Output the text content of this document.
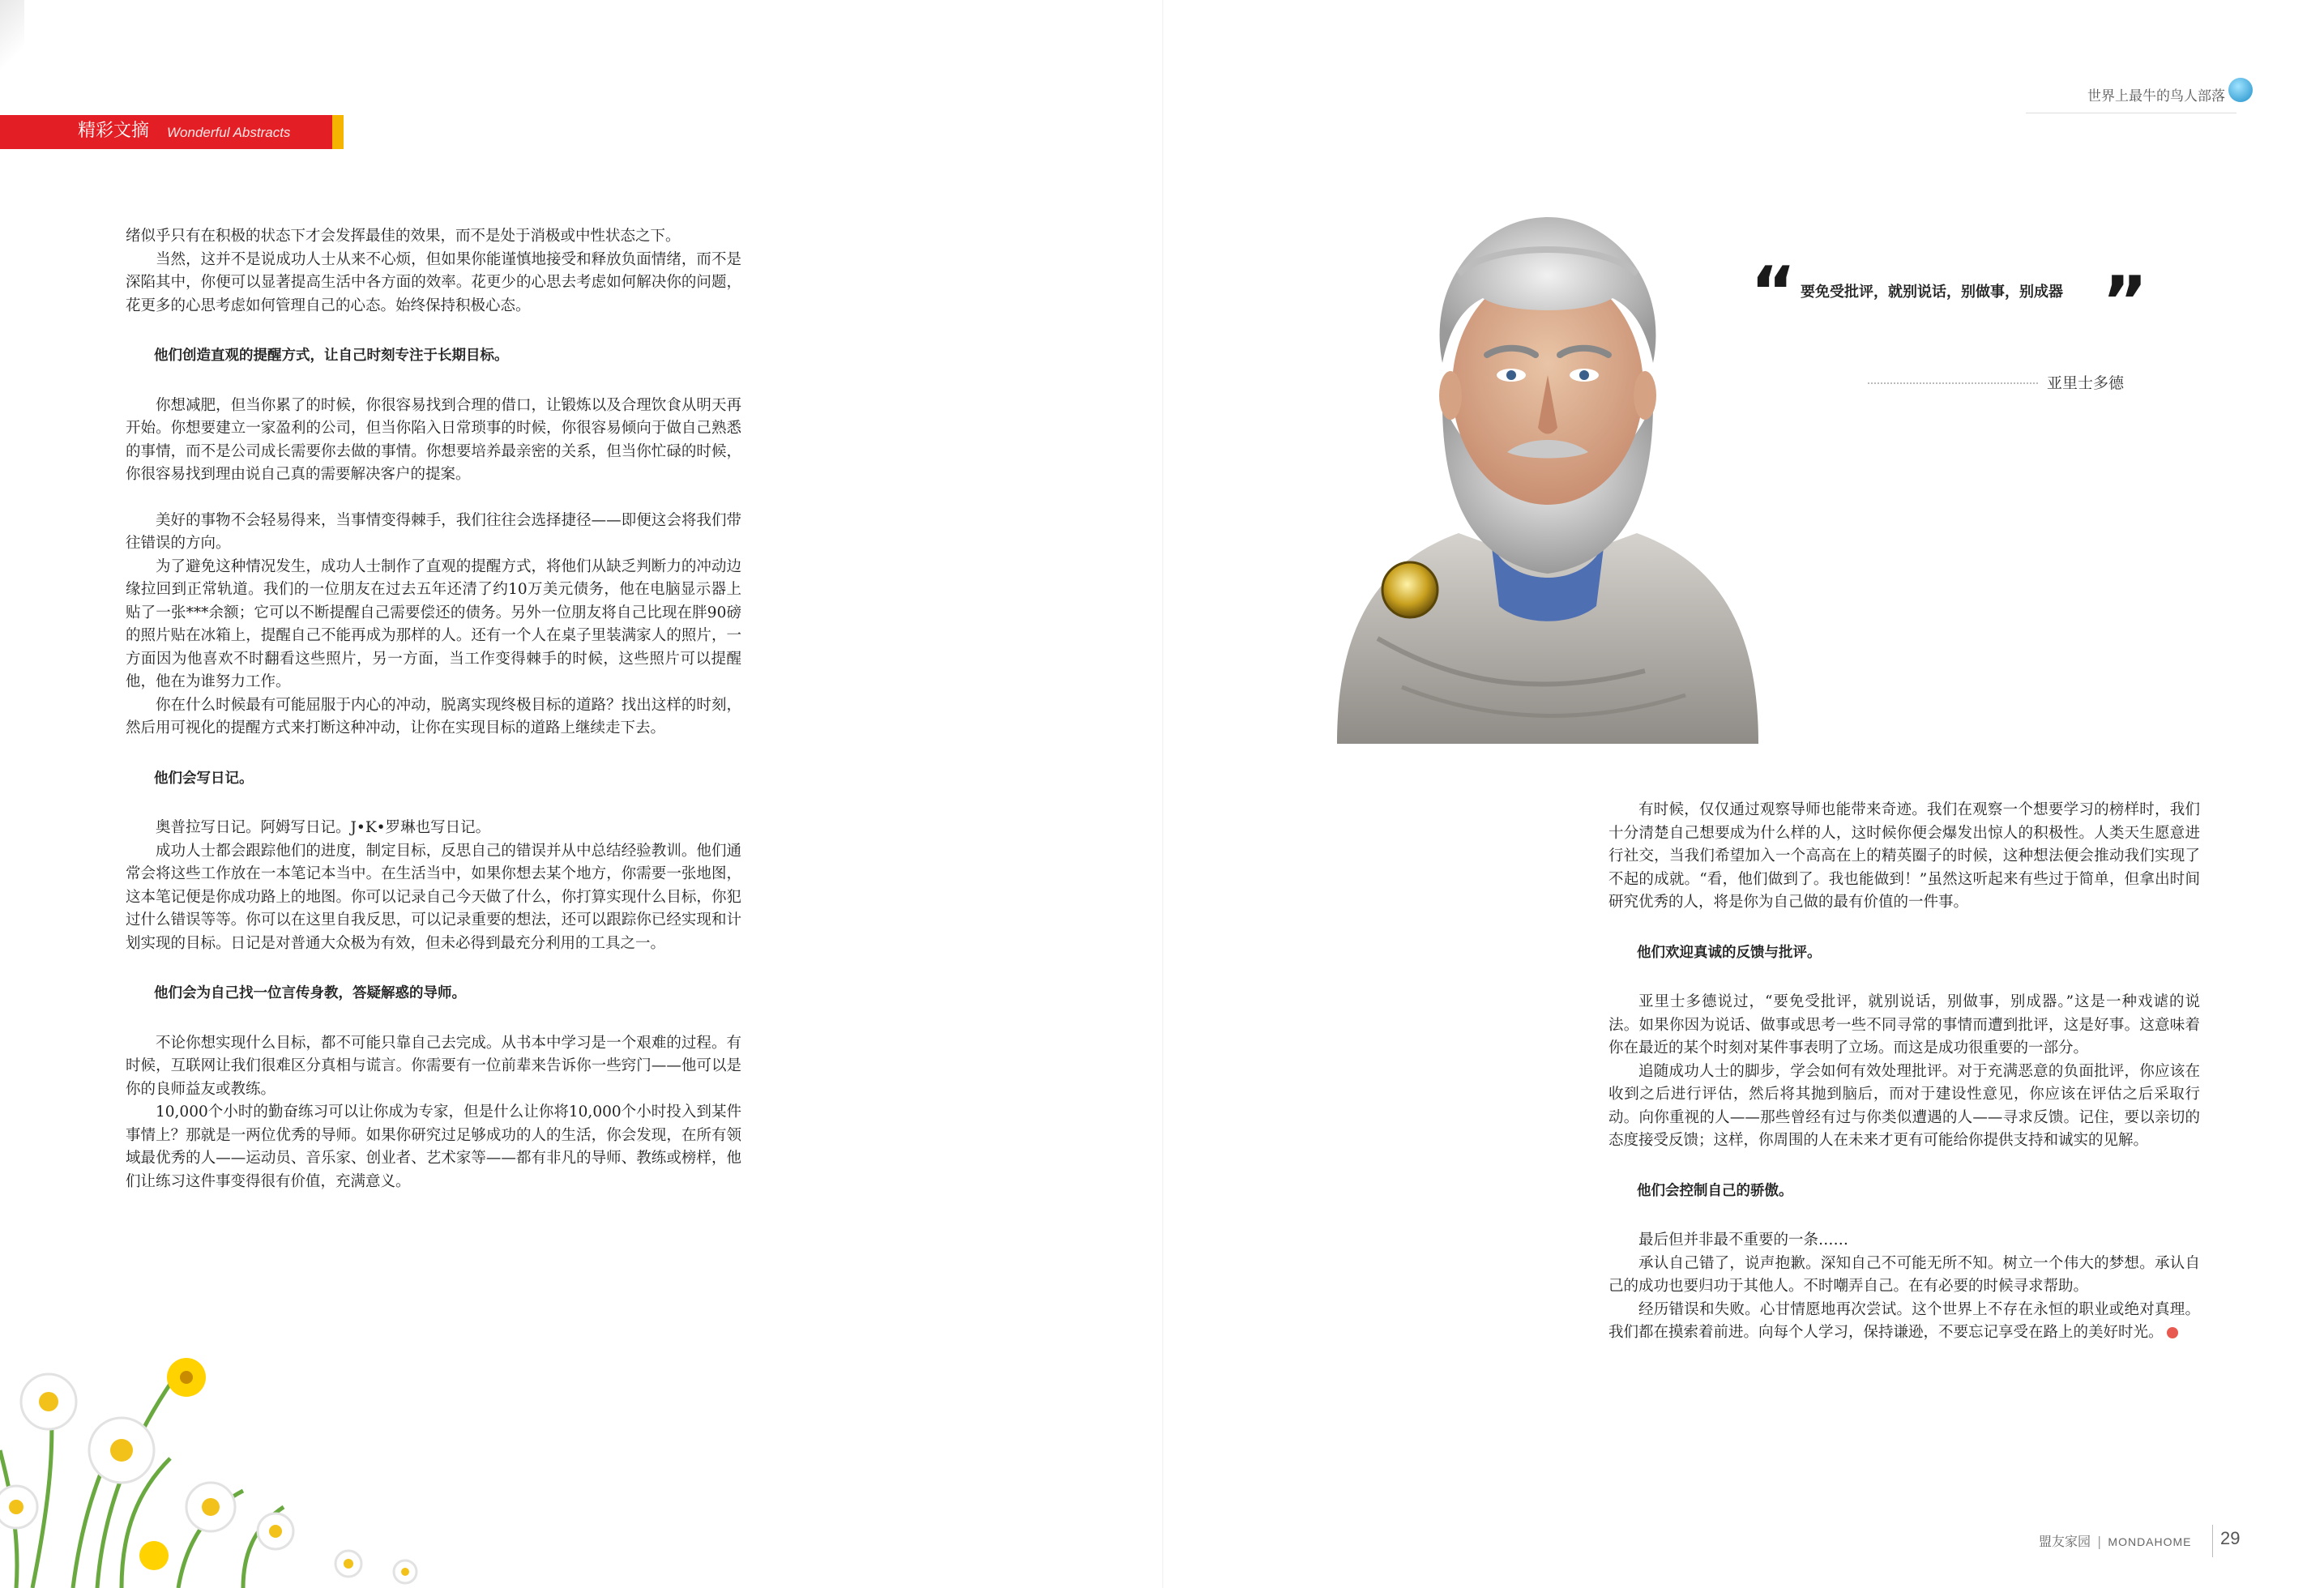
精彩文摘 Wonderful Abstracts
世界上最牛的鸟人部落

绪似乎只有在积极的状态下才会发挥最佳的效果，而不是处于消极或中性状态之下。

当然，这并不是说成功人士从来不心烦，但如果你能谨慎地接受和释放负面情绪，而不是深陷其中，你便可以显著提高生活中各方面的效率。花更少的心思去考虑如何解决你的问题，花更多的心思考虑如何管理自己的心态。始终保持积极心态。

他们创造直观的提醒方式，让自己时刻专注于长期目标。

你想减肥，但当你累了的时候，你很容易找到合理的借口，让锻炼以及合理饮食从明天再开始。你想要建立一家盈利的公司，但当你陷入日常琐事的时候，你很容易倾向于做自己熟悉的事情，而不是公司成长需要你去做的事情。你想要培养最亲密的关系，但当你忙碌的时候，你很容易找到理由说自己真的需要解决客户的提案。

美好的事物不会轻易得来，当事情变得棘手，我们往往会选择捷径——即便这会将我们带往错误的方向。

为了避免这种情况发生，成功人士制作了直观的提醒方式，将他们从缺乏判断力的冲动边缘拉回到正常轨道。我们的一位朋友在过去五年还清了约10万美元债务，他在电脑显示器上贴了一张***余额；它可以不断提醒自己需要偿还的债务。另外一位朋友将自己比现在胖90磅的照片贴在冰箱上，提醒自己不能再成为那样的人。还有一个人在桌子里装满家人的照片，一方面因为他喜欢不时翻看这些照片，另一方面，当工作变得棘手的时候，这些照片可以提醒他，他在为谁努力工作。

你在什么时候最有可能屈服于内心的冲动，脱离实现终极目标的道路？找出这样的时刻，然后用可视化的提醒方式来打断这种冲动，让你在实现目标的道路上继续走下去。

他们会写日记。

奥普拉写日记。阿姆写日记。J•K•罗琳也写日记。

成功人士都会跟踪他们的进度，制定目标，反思自己的错误并从中总结经验教训。他们通常会将这些工作放在一本笔记本当中。在生活当中，如果你想去某个地方，你需要一张地图，这本笔记便是你成功路上的地图。你可以记录自己今天做了什么，你打算实现什么目标，你犯过什么错误等等。你可以在这里自我反思，可以记录重要的想法，还可以跟踪你已经实现和计划实现的目标。日记是对普通大众极为有效，但未必得到最充分利用的工具之一。

他们会为自己找一位言传身教，答疑解惑的导师。

不论你想实现什么目标，都不可能只靠自己去完成。从书本中学习是一个艰难的过程。有时候，互联网让我们很难区分真相与谎言。你需要有一位前辈来告诉你一些窍门——他可以是你的良师益友或教练。

10,000个小时的勤奋练习可以让你成为专家，但是什么让你将10,000个小时投入到某件事情上？那就是一两位优秀的导师。如果你研究过足够成功的人的生活，你会发现，在所有领域最优秀的人——运动员、音乐家、创业者、艺术家等——都有非凡的导师、教练或榜样，他们让练习这件事变得很有价值，充满意义。

“ 要免受批评，就别说话，别做事，别成器 ”
亚里士多德

有时候，仅仅通过观察导师也能带来奇迹。我们在观察一个想要学习的榜样时，我们十分清楚自己想要成为什么样的人，这时候你便会爆发出惊人的积极性。人类天生愿意进行社交，当我们希望加入一个高高在上的精英圈子的时候，这种想法便会推动我们实现了不起的成就。“看，他们做到了。我也能做到！”虽然这听起来有些过于简单，但拿出时间研究优秀的人，将是你为自己做的最有价值的一件事。

他们欢迎真诚的反馈与批评。

亚里士多德说过，“要免受批评，就别说话，别做事，别成器。”这是一种戏谑的说法。如果你因为说话、做事或思考一些不同寻常的事情而遭到批评，这是好事。这意味着你在最近的某个时刻对某件事表明了立场。而这是成功很重要的一部分。

追随成功人士的脚步，学会如何有效处理批评。对于充满恶意的负面批评，你应该在收到之后进行评估，然后将其抛到脑后，而对于建设性意见，你应该在评估之后采取行动。向你重视的人——那些曾经有过与你类似遭遇的人——寻求反馈。记住，要以亲切的态度接受反馈；这样，你周围的人在未来才更有可能给你提供支持和诚实的见解。

他们会控制自己的骄傲。

最后但并非最不重要的一条……

承认自己错了，说声抱歉。深知自己不可能无所不知。树立一个伟大的梦想。承认自己的成功也要归功于其他人。不时嘲弄自己。在有必要的时候寻求帮助。

经历错误和失败。心甘情愿地再次尝试。这个世界上不存在永恒的职业或绝对真理。我们都在摸索着前进。向每个人学习，保持谦逊，不要忘记享受在路上的美好时光。

盟友家园 | MONDAHOME 29
